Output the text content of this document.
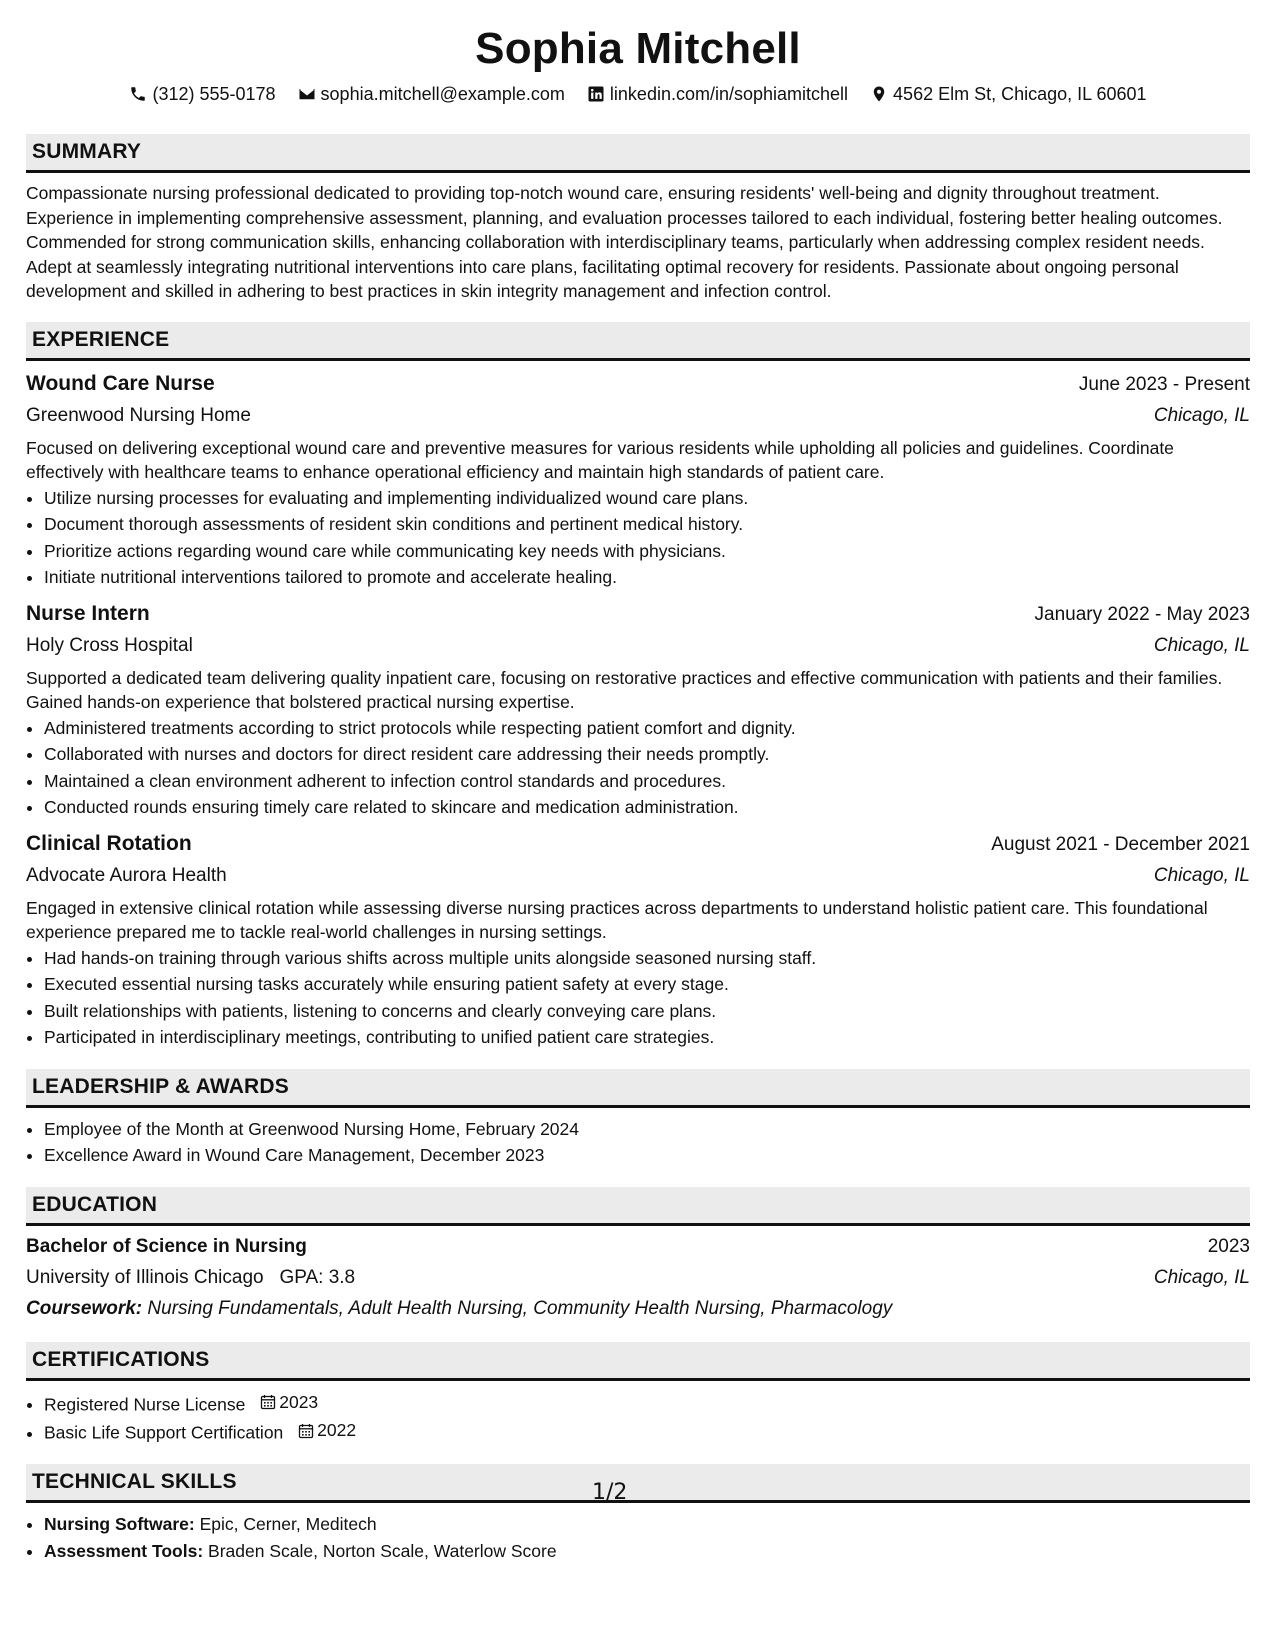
Sophia Mitchell
(312) 555-0178	sophia.mitchell@example.com	linkedin.com/in/sophiamitchell	4562 Elm St, Chicago, IL 60601
SUMMARY

Compassionate nursing professional dedicated to providing top-notch wound care, ensuring residents' well-being and dignity throughout treatment. Experience in implementing comprehensive assessment, planning, and evaluation processes tailored to each individual, fostering better healing outcomes. Commended for strong communication skills, enhancing collaboration with interdisciplinary teams, particularly when addressing complex resident needs. Adept at seamlessly integrating nutritional interventions into care plans, facilitating optimal recovery for residents. Passionate about ongoing personal development and skilled in adhering to best practices in skin integrity management and infection control.

EXPERIENCE
Wound Care Nurse	June 2023 - Present
Greenwood Nursing Home	Chicago, IL

Focused on delivering exceptional wound care and preventive measures for various residents while upholding all policies and guidelines. Coordinate effectively with healthcare teams to enhance operational efficiency and maintain high standards of patient care.

• Utilize nursing processes for evaluating and implementing individualized wound care plans.
• Document thorough assessments of resident skin conditions and pertinent medical history.
• Prioritize actions regarding wound care while communicating key needs with physicians.
• Initiate nutritional interventions tailored to promote and accelerate healing.
Nurse Intern	January 2022 - May 2023
Holy Cross Hospital	Chicago, IL

Supported a dedicated team delivering quality inpatient care, focusing on restorative practices and effective communication with patients and their families. Gained hands-on experience that bolstered practical nursing expertise.

• Administered treatments according to strict protocols while respecting patient comfort and dignity.
• Collaborated with nurses and doctors for direct resident care addressing their needs promptly.
• Maintained a clean environment adherent to infection control standards and procedures.
• Conducted rounds ensuring timely care related to skincare and medication administration.
Clinical Rotation	August 2021 - December 2021
Advocate Aurora Health	Chicago, IL

Engaged in extensive clinical rotation while assessing diverse nursing practices across departments to understand holistic patient care. This foundational experience prepared me to tackle real-world challenges in nursing settings.

• Had hands-on training through various shifts across multiple units alongside seasoned nursing staff.
• Executed essential nursing tasks accurately while ensuring patient safety at every stage.
• Built relationships with patients, listening to concerns and clearly conveying care plans.
• Participated in interdisciplinary meetings, contributing to unified patient care strategies.
LEADERSHIP & AWARDS
• Employee of the Month at Greenwood Nursing Home, February 2024
• Excellence Award in Wound Care Management, December 2023
EDUCATION
Bachelor of Science in Nursing	2023
University of Illinois Chicago GPA: 3.8	Chicago, IL
Coursework: Nursing Fundamentals, Adult Health Nursing, Community Health Nursing, Pharmacology
CERTIFICATIONS
• Registered Nurse License 2023
• Basic Life Support Certification 2022
TECHNICAL SKILLS
• Nursing Software: Epic, Cerner, Meditech
• Assessment Tools: Braden Scale, Norton Scale, Waterlow Score
1/2
